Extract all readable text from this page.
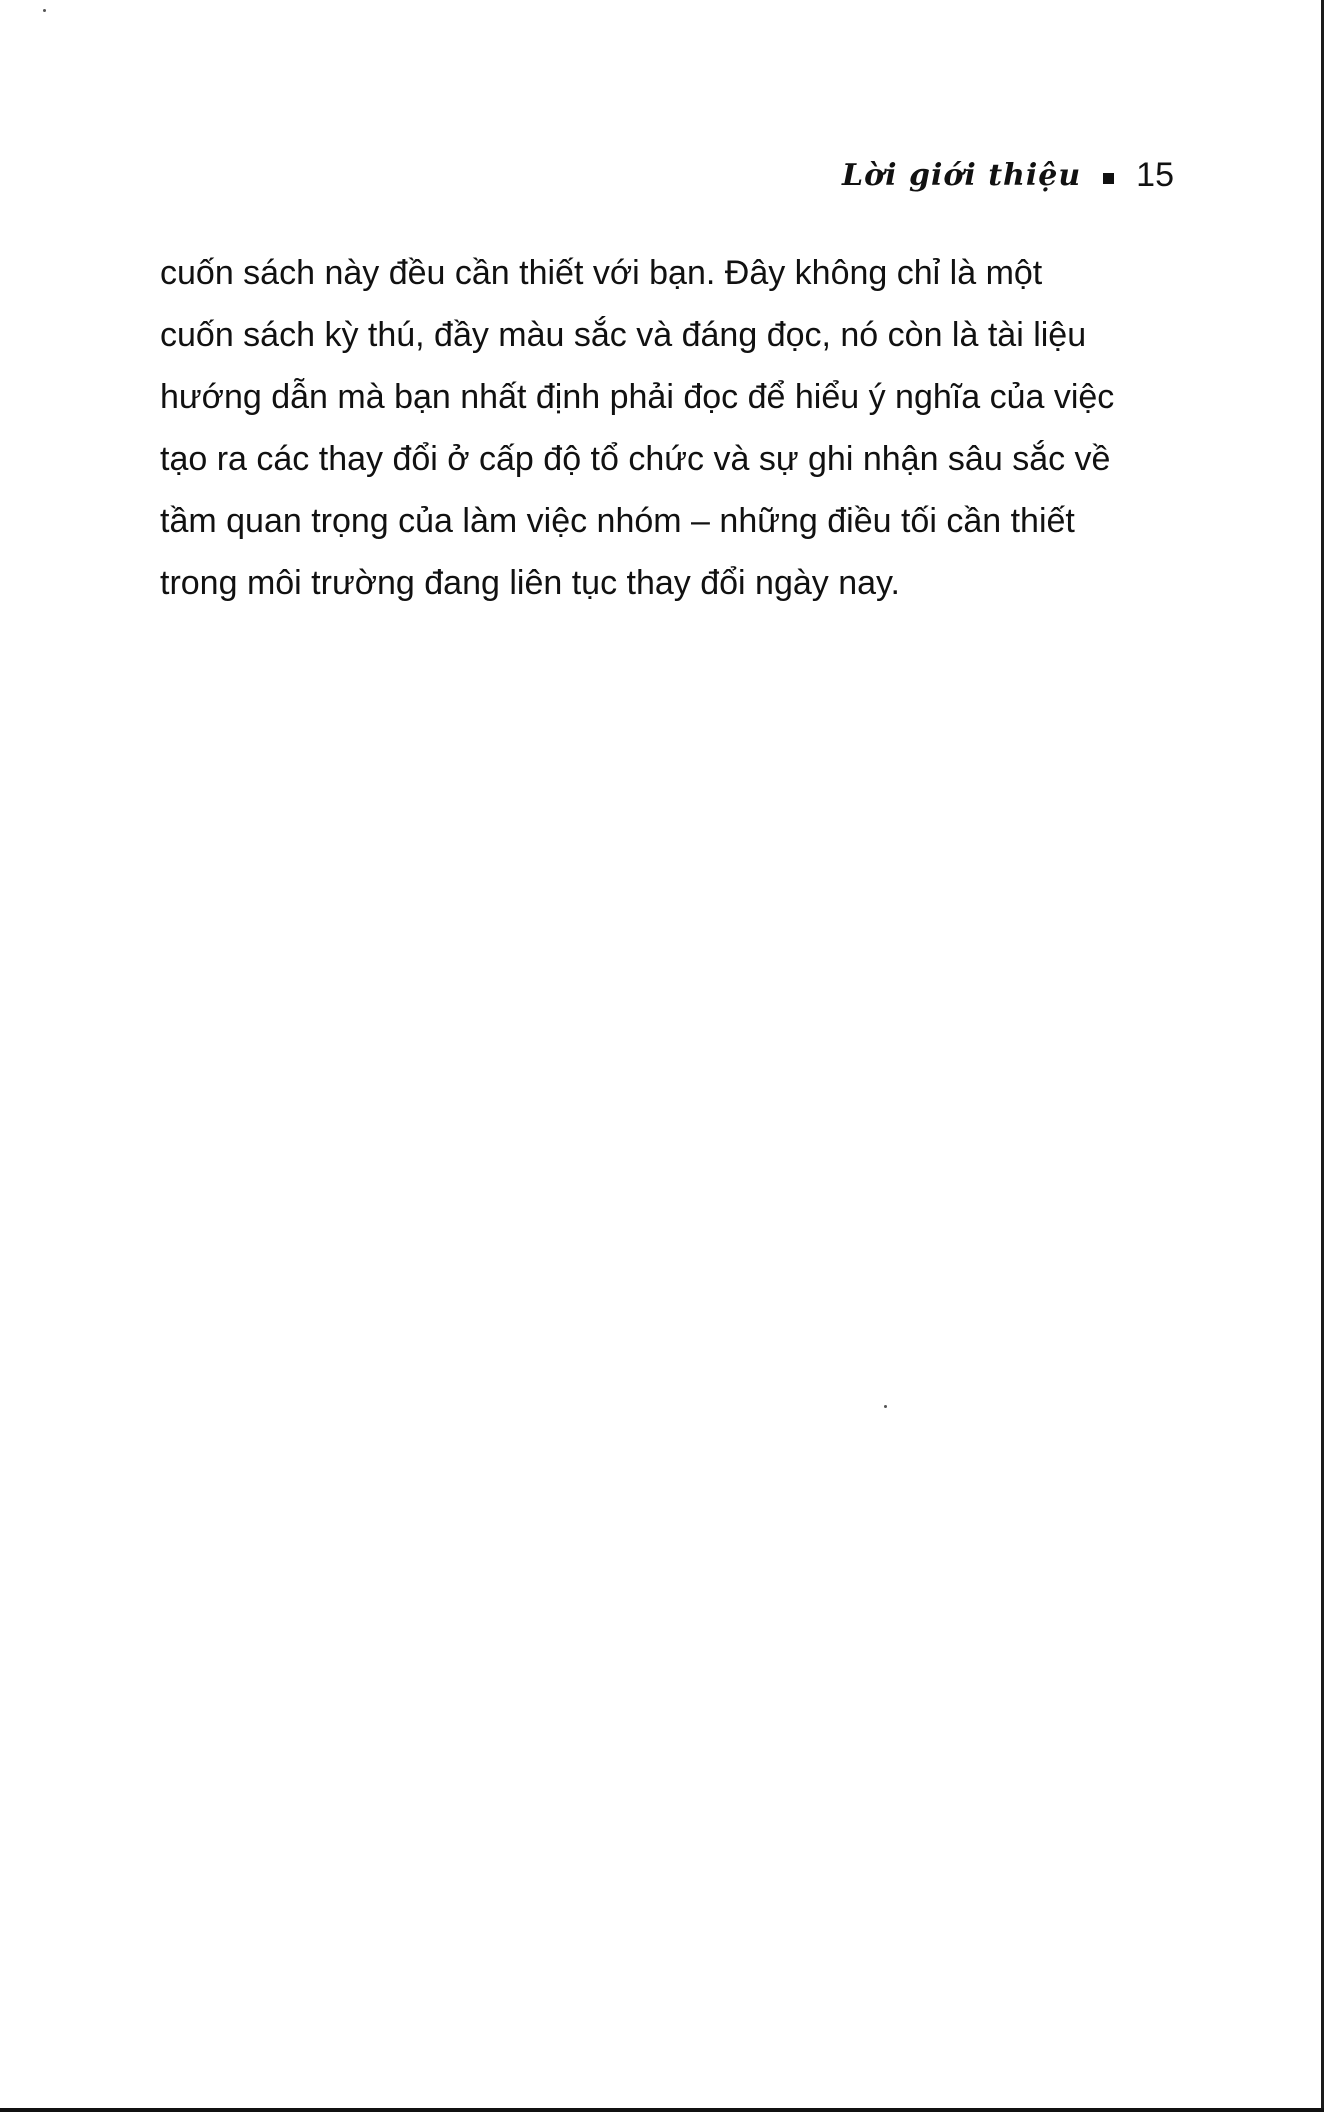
Lời giới thiệu 15
cuốn sách này đều cần thiết với bạn. Đây không chỉ là một
cuốn sách kỳ thú, đầy màu sắc và đáng đọc, nó còn là tài liệu
hướng dẫn mà bạn nhất định phải đọc để hiểu ý nghĩa của việc
tạo ra các thay đổi ở cấp độ tổ chức và sự ghi nhận sâu sắc về
tầm quan trọng của làm việc nhóm – những điều tối cần thiết
trong môi trường đang liên tục thay đổi ngày nay.
